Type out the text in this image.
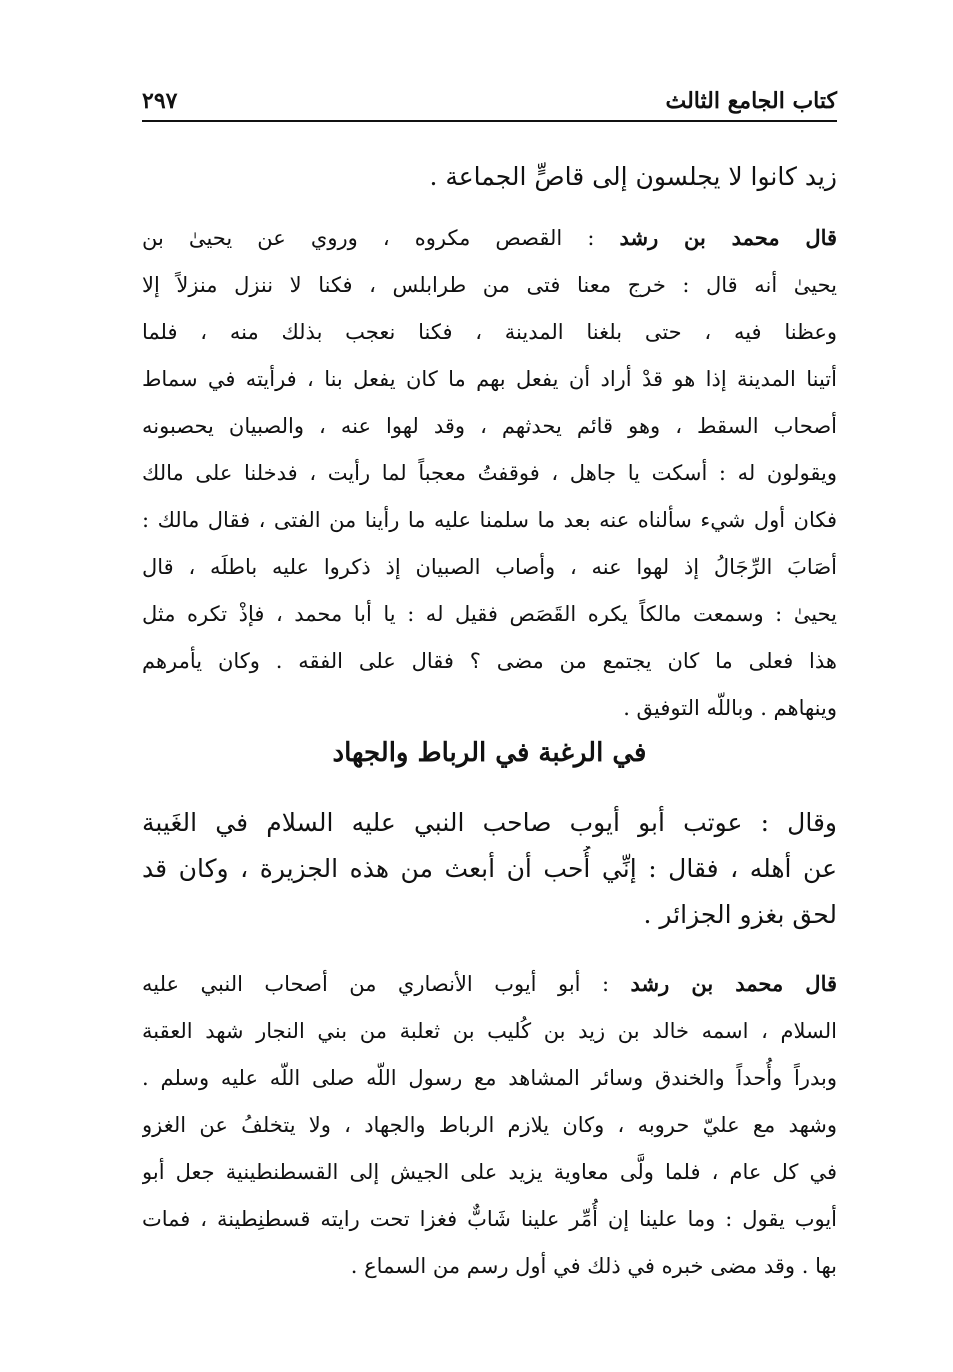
كتاب الجامع الثالث
٢٩٧
زيد كانوا لا يجلسون إلى قاصٍّ الجماعة .
قال محمد بن رشد : القصص مكروه ، وروي عن يحيىٰ بن
يحيىٰ أنه قال : خرج معنا فتى من طرابلس ، فكنا لا ننزل منزلاً إلا
وعظنا فيه ، حتى بلغنا المدينة ، فكنا نعجب بذلك منه ، فلما
أتينا المدينة إذا هو قدْ أراد أن يفعل بهم ما كان يفعل بنا ، فرأيته في سماط
أصحاب السقط ، وهو قائم يحدثهم ، وقد لهوا عنه ، والصبيان يحصبونه
ويقولون له : أسكت يا جاهل ، فوقفتُ معجباً لما رأيت ، فدخلنا على مالك
فكان أول شيء سألناه عنه بعد ما سلمنا عليه ما رأينا من الفتى ، فقال مالك :
أصَابَ الرِّجَالُ إذ لهوا عنه ، وأصاب الصبيان إذ ذكروا عليه باطلَه ، قال
يحيىٰ : وسمعت مالكاً يكره القَصَص فقيل له : يا أبا محمد ، فإذْ تكره مثل
هذا فعلى ما كان يجتمع من مضى ؟ فقال على الفقه . وكان يأمرهم
وينهاهم . وباللّه التوفيق .
في الرغبة في الرباط والجهاد
وقال : عوتب أبو أيوب صاحب النبي عليه السلام في الغَيبة
عن أهله ، فقال : إنِّي أُحب أن أبعث من هذه الجزيرة ، وكان قد
لحق بغزو الجزائر .
قال محمد بن رشد : أبو أيوب الأنصاري من أصحاب النبي عليه
السلام ، اسمه خالد بن زيد بن كُليب بن ثعلبة من بني النجار شهد العقبة
وبدراً وأُحداً والخندق وسائر المشاهد مع رسول اللّه صلى اللّه عليه وسلم .
وشهد مع عليّ حروبه ، وكان يلازم الرباط والجهاد ، ولا يتخلفُ عن الغزو
في كل عام ، فلما ولَّى معاوية يزيد على الجيش إلى القسطنطينية جعل أبو
أيوب يقول : وما علينا إن أُمِّر علينا شَابٌّ فغزا تحت رايته قسطنِطينة ، فمات
بها . وقد مضى خبره في ذلك في أول رسم من السماع .
